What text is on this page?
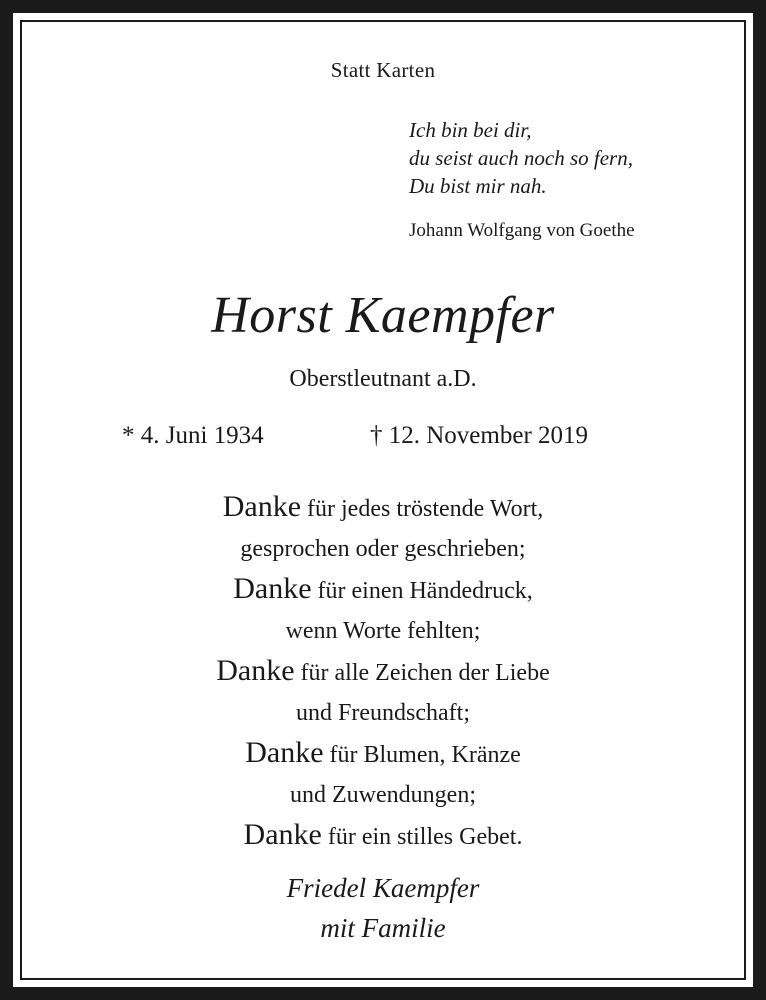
Statt Karten
Ich bin bei dir,
du seist auch noch so fern,
Du bist mir nah.
Johann Wolfgang von Goethe
Horst Kaempfer
Oberstleutnant a.D.
* 4. Juni 1934	† 12. November 2019
Danke für jedes tröstende Wort,
gesprochen oder geschrieben;
Danke für einen Händedruck,
wenn Worte fehlten;
Danke für alle Zeichen der Liebe
und Freundschaft;
Danke für Blumen, Kränze
und Zuwendungen;
Danke für ein stilles Gebet.
Friedel Kaempfer
mit Familie
